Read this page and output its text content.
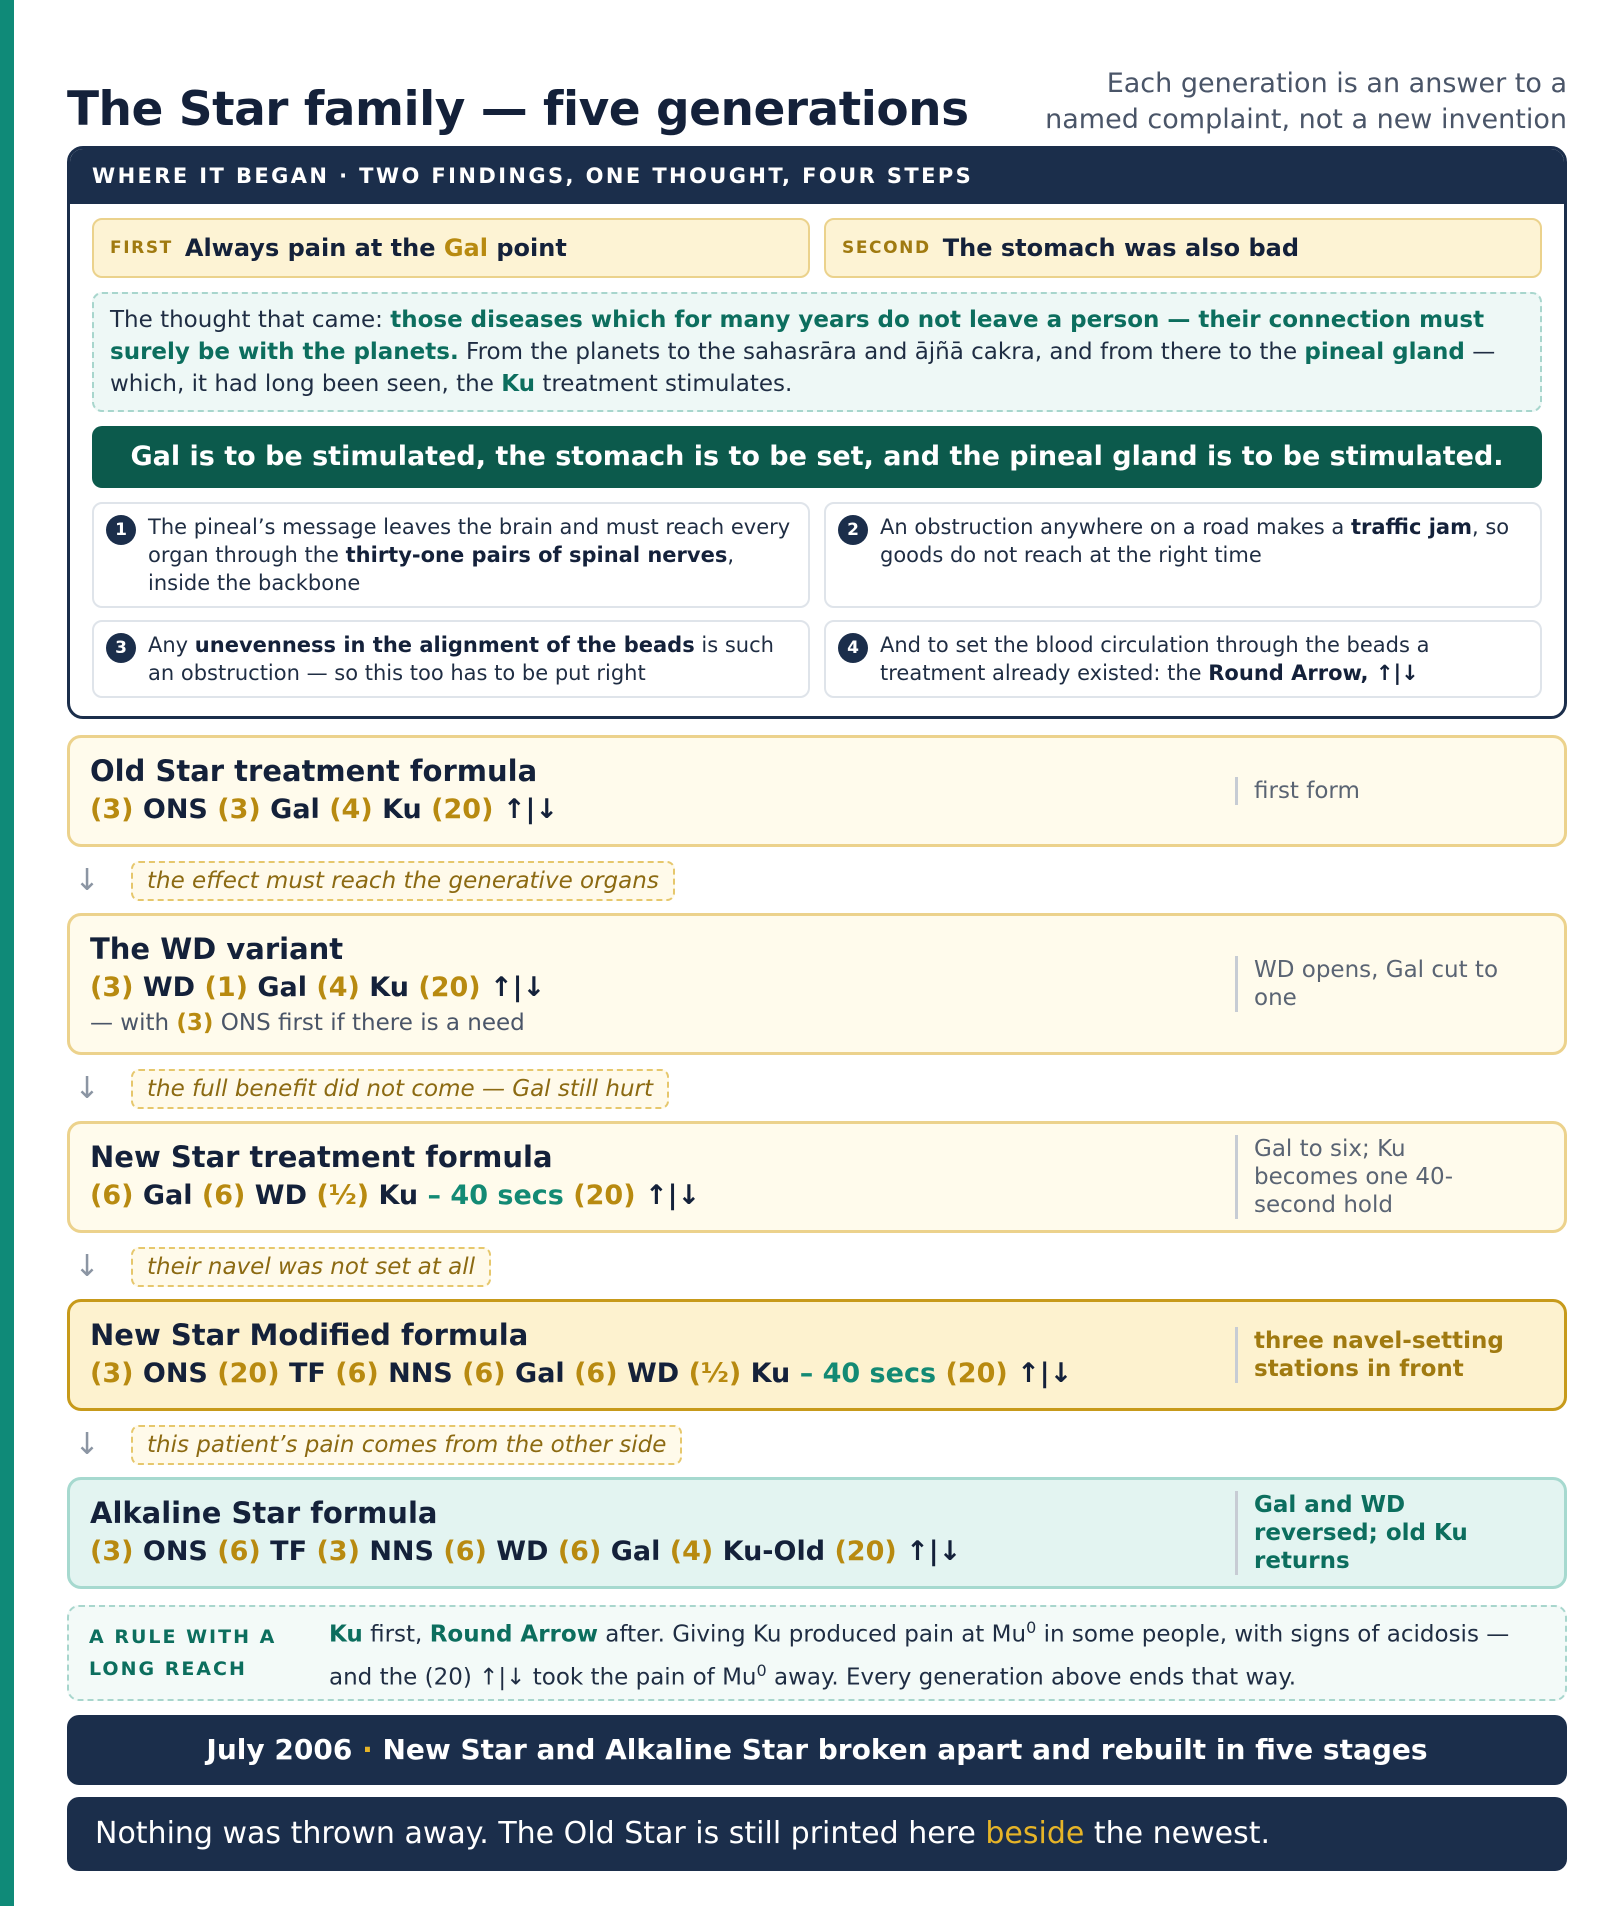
The Star family — five generations	Each generation is an answer to a named complaint, not a new invention
WHERE IT BEGAN · TWO FINDINGS, ONE THOUGHT, FOUR STEPS
FIRST Always pain at the Gal point	SECOND The stomach was also bad
The thought that came: those diseases which for many years do not leave a person — their connection must surely be with the planets. From the planets to the sahasrāra and ājñā cakra, and from there to the pineal gland — which, it had long been seen, the Ku treatment stimulates.
Gal is to be stimulated, the stomach is to be set, and the pineal gland is to be stimulated.
1	The pineal’s message leaves the brain and must reach every organ through the thirty-one pairs of spinal nerves, inside the backbone
2	An obstruction anywhere on a road makes a traffic jam, so goods do not reach at the right time
3	Any unevenness in the alignment of the beads is such an obstruction — so this too has to be put right
4	And to set the blood circulation through the beads a treatment already existed: the Round Arrow, ↑|↓
Old Star treatment formula
(3) ONS (3) Gal (4) Ku (20) ↑|↓
first form
↓	the effect must reach the generative organs
The WD variant
(3) WD (1) Gal (4) Ku (20) ↑|↓
— with (3) ONS first if there is a need
WD opens, Gal cut to one
↓	the full benefit did not come — Gal still hurt
New Star treatment formula
(6) Gal (6) WD (½) Ku – 40 secs (20) ↑|↓
Gal to six; Ku becomes one 40-second hold
↓	their navel was not set at all
New Star Modified formula
(3) ONS (20) TF (6) NNS (6) Gal (6) WD (½) Ku – 40 secs (20) ↑|↓
three navel-setting stations in front
↓	this patient’s pain comes from the other side
Alkaline Star formula
(3) ONS (6) TF (3) NNS (6) WD (6) Gal (4) Ku-Old (20) ↑|↓
Gal and WD reversed; old Ku returns
A RULE WITH A
LONG REACH
Ku first, Round Arrow after. Giving Ku produced pain at Mu$^0$ in some people, with signs of acidosis — and the (20) ↑|↓ took the pain of Mu$^0$ away. Every generation above ends that way.
July 2006 · New Star and Alkaline Star broken apart and rebuilt in five stages
Nothing was thrown away. The Old Star is still printed here beside the newest.
